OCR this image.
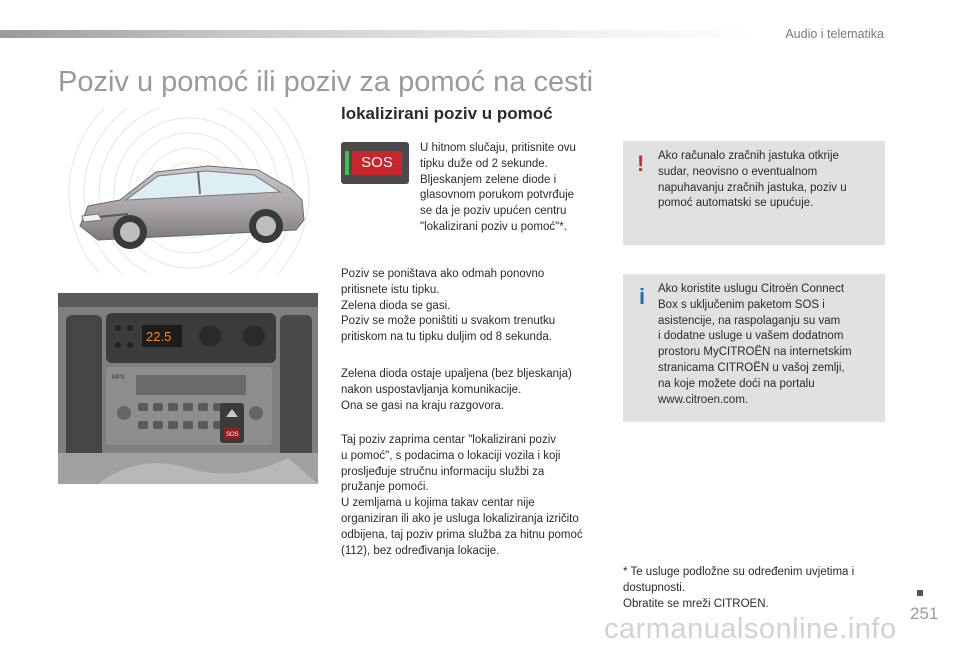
Audio i telematika
Poziv u pomoć ili poziv za pomoć na cesti
lokalizirani poziv u pomoć
SOS

U hitnom slučaju, pritisnite ovu
tipku duže od 2 sekunde.
Bljeskanjem zelene diode i
glasovnom porukom potvrđuje
se da je poziv upućen centru
"lokalizirani poziv u pomoć"*.

Poziv se poništava ako odmah ponovno
pritisnete istu tipku.
Zelena dioda se gasi.
Poziv se može poništiti u svakom trenutku
pritiskom na tu tipku duljim od 8 sekunda.

Zelena dioda ostaje upaljena (bez bljeskanja)
nakon uspostavljanja komunikacije.
Ona se gasi na kraju razgovora.

Taj poziv zaprima centar "lokalizirani poziv
u pomoć", s podacima o lokaciji vozila i koji
prosljeđuje stručnu informaciju službi za
pružanje pomoći.
U zemljama u kojima takav centar nije
organiziran ili ako je usluga lokaliziranja izričito
odbijena, taj poziv prima služba za hitnu pomoć
(112), bez određivanja lokacije.

! Ako računalo zračnih jastuka otkrije
sudar, neovisno o eventualnom
napuhavanju zračnih jastuka, poziv u
pomoć automatski se upućuje.
i Ako koristite uslugu Citroën Connect
Box s uključenim paketom SOS i
asistencije, na raspolaganju su vam
i dodatne usluge u vašem dodatnom
prostoru MyCITROËN na internetskim
stranicama CITROËN u vašoj zemlji,
na koje možete doći na portalu
www.citroen.com.
22.5
MP3
SOS
* Te usluge podložne su određenim uvjetima i
dostupnosti.
Obratite se mreži CITROEN.
251
carmanualsonline.info
